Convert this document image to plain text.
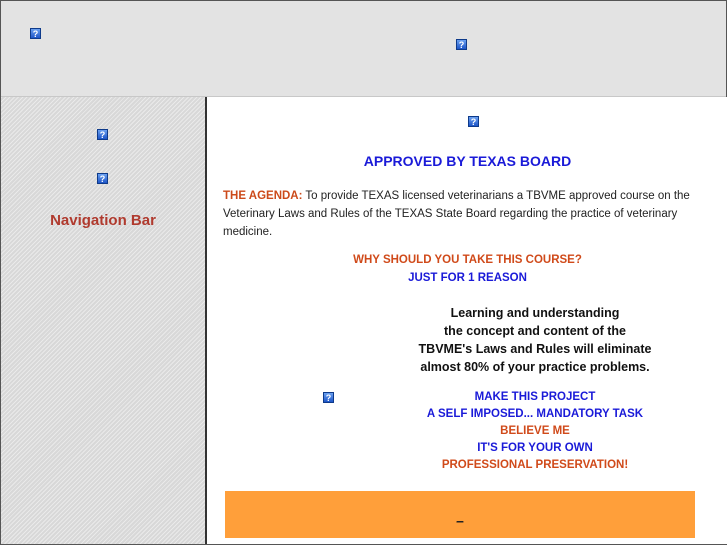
?
?
?
?
Navigation Bar
?
APPROVED BY TEXAS BOARD
THE AGENDA: To provide TEXAS licensed veterinarians a TBVME approved course on the Veterinary Laws and Rules of the TEXAS State Board regarding the practice of veterinary medicine.
WHY SHOULD YOU TAKE THIS COURSE?
JUST FOR 1 REASON
Learning and understanding
the concept and content of the
TBVME's Laws and Rules will eliminate
almost 80% of your practice problems.
?	MAKE THIS PROJECT
A SELF IMPOSED... MANDATORY TASK
BELIEVE ME
IT'S FOR YOUR OWN
PROFESSIONAL PRESERVATION!
_
